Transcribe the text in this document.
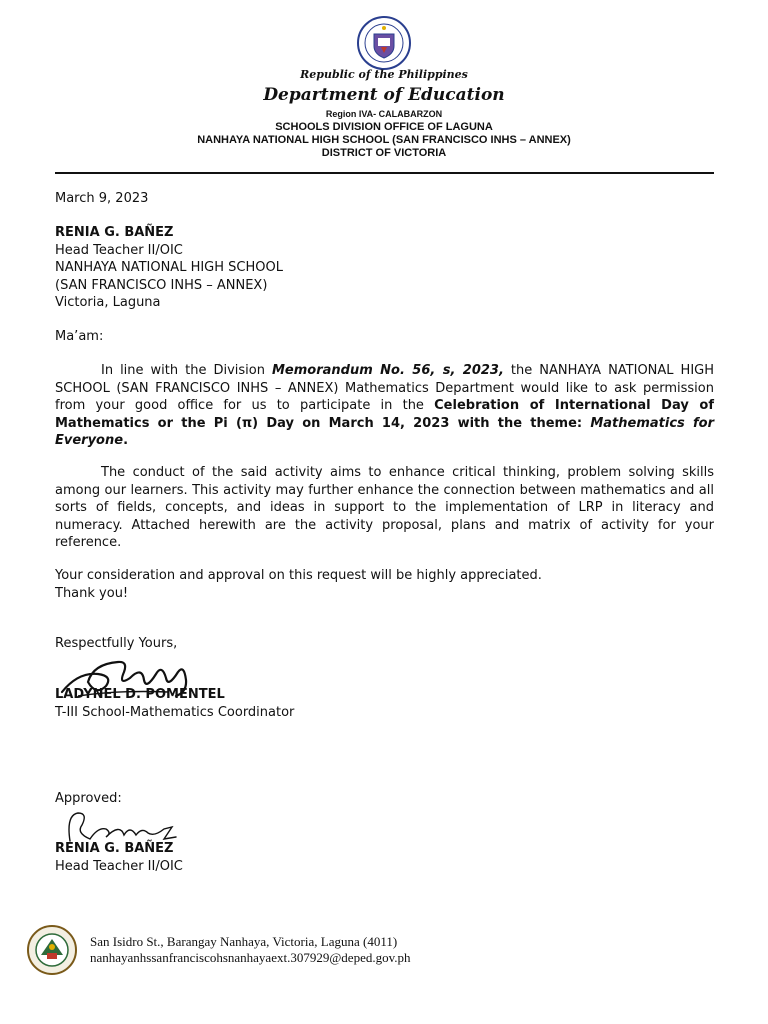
Republic of the Philippines
Department of Education
Region IVA- CALABARZON
SCHOOLS DIVISION OFFICE OF LAGUNA
NANHAYA NATIONAL HIGH SCHOOL (SAN FRANCISCO INHS – ANNEX)
DISTRICT OF VICTORIA
March 9, 2023
RENIA G. BAÑEZ
Head Teacher II/OIC
NANHAYA NATIONAL HIGH SCHOOL
(SAN FRANCISCO INHS – ANNEX)
Victoria, Laguna
Ma’am:
In line with the Division Memorandum No. 56, s, 2023, the NANHAYA NATIONAL HIGH SCHOOL (SAN FRANCISCO INHS – ANNEX) Mathematics Department would like to ask permission from your good office for us to participate in the Celebration of International Day of Mathematics or the Pi (π) Day on March 14, 2023 with the theme: Mathematics for Everyone.
The conduct of the said activity aims to enhance critical thinking, problem solving skills among our learners. This activity may further enhance the connection between mathematics and all sorts of fields, concepts, and ideas in support to the implementation of LRP in literacy and numeracy. Attached herewith are the activity proposal, plans and matrix of activity for your reference.
Your consideration and approval on this request will be highly appreciated.
Thank you!
Respectfully Yours,
LADYNEL D. POMENTEL
T-III School-Mathematics Coordinator
Approved:
RENIA G. BAÑEZ
Head Teacher II/OIC
San Isidro St., Barangay Nanhaya, Victoria, Laguna (4011)
nanhayanhssanfranciscohsnanhayaext.307929@deped.gov.ph
